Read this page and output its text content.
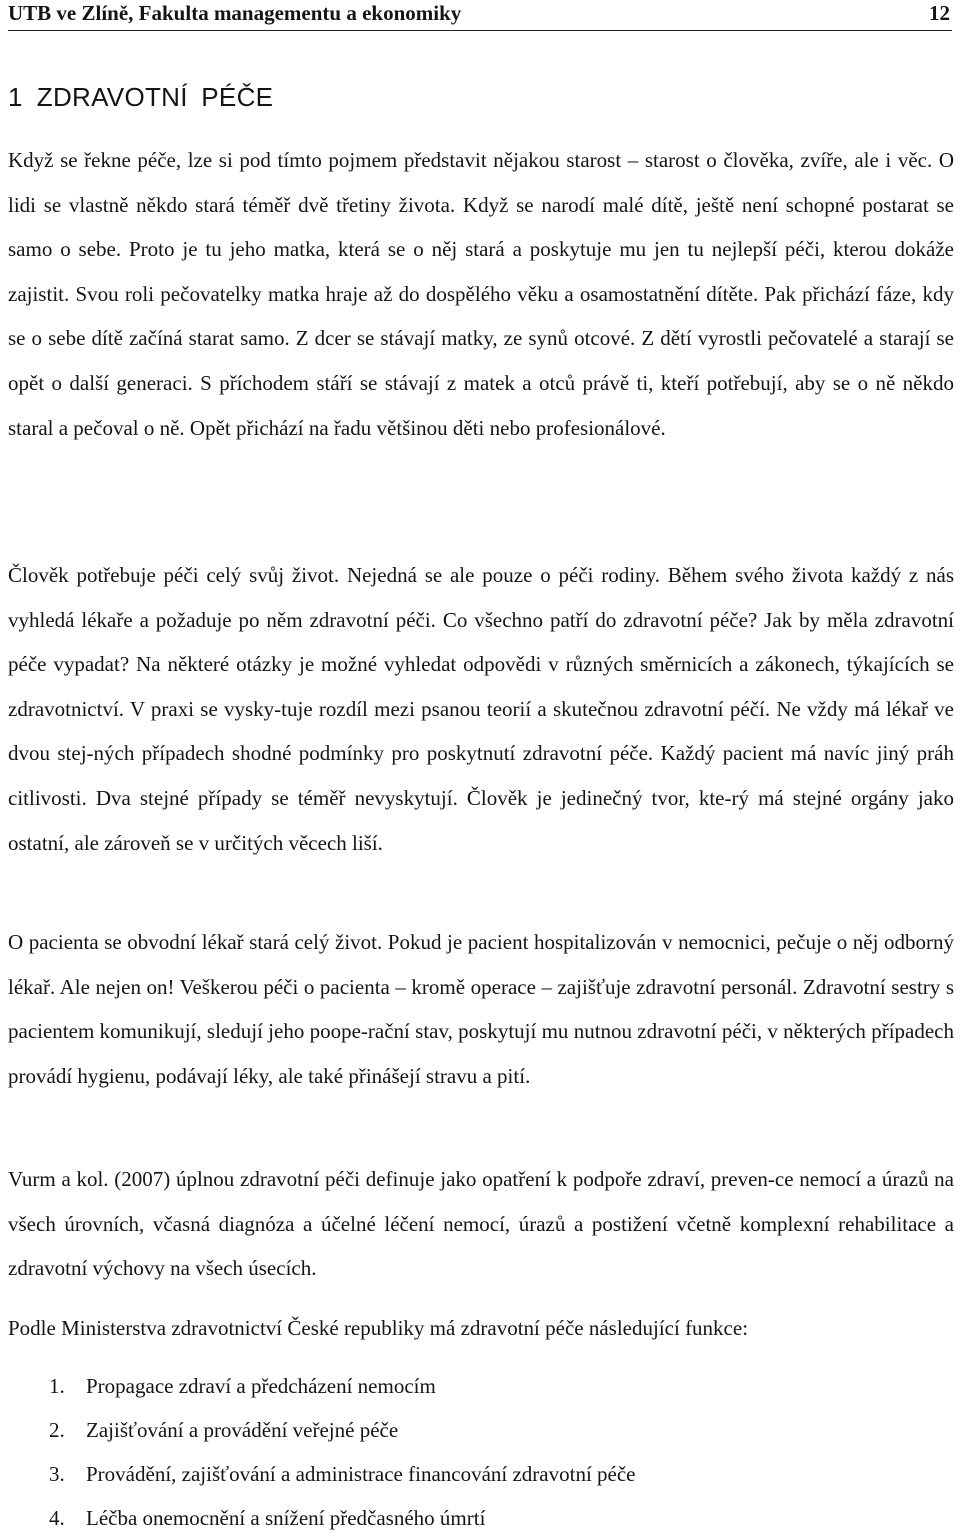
UTB ve Zlíně, Fakulta managementu a ekonomiky	12
1 ZDRAVOTNÍ PÉČE

Když se řekne péče, lze si pod tímto pojmem představit nějakou starost – starost o člověka, zvíře, ale i věc. O lidi se vlastně někdo stará téměř dvě třetiny života. Když se narodí malé dítě, ještě není schopné postarat se samo o sebe. Proto je tu jeho matka, která se o něj stará a poskytuje mu jen tu nejlepší péči, kterou dokáže zajistit. Svou roli pečovatelky matka hraje až do dospělého věku a osamostatnění dítěte. Pak přichází fáze, kdy se o sebe dítě začíná starat samo. Z dcer se stávají matky, ze synů otcové. Z dětí vyrostli pečovatelé a starají se opět o další generaci. S příchodem stáří se stávají z matek a otců právě ti, kteří potřebují, aby se o ně někdo staral a pečoval o ně. Opět přichází na řadu většinou děti nebo profesionálové.

Člověk potřebuje péči celý svůj život. Nejedná se ale pouze o péči rodiny. Během svého života každý z nás vyhledá lékaře a požaduje po něm zdravotní péči. Co všechno patří do zdravotní péče? Jak by měla zdravotní péče vypadat? Na některé otázky je možné vyhledat odpovědi v různých směrnicích a zákonech, týkajících se zdravotnictví. V praxi se vysky-tuje rozdíl mezi psanou teorií a skutečnou zdravotní péčí. Ne vždy má lékař ve dvou stej-ných případech shodné podmínky pro poskytnutí zdravotní péče. Každý pacient má navíc jiný práh citlivosti. Dva stejné případy se téměř nevyskytují. Člověk je jedinečný tvor, kte-rý má stejné orgány jako ostatní, ale zároveň se v určitých věcech liší.

O pacienta se obvodní lékař stará celý život. Pokud je pacient hospitalizován v nemocnici, pečuje o něj odborný lékař. Ale nejen on! Veškerou péči o pacienta – kromě operace – zajišťuje zdravotní personál. Zdravotní sestry s pacientem komunikují, sledují jeho poope-rační stav, poskytují mu nutnou zdravotní péči, v některých případech provádí hygienu, podávají léky, ale také přinášejí stravu a pití.

Vurm a kol. (2007) úplnou zdravotní péči definuje jako opatření k podpoře zdraví, preven-ce nemocí a úrazů na všech úrovních, včasná diagnóza a účelné léčení nemocí, úrazů a postižení včetně komplexní rehabilitace a zdravotní výchovy na všech úsecích.

Podle Ministerstva zdravotnictví České republiky má zdravotní péče následující funkce:

1.	Propagace zdraví a předcházení nemocím
2.	Zajišťování a provádění veřejné péče
3.	Provádění, zajišťování a administrace financování zdravotní péče
4.	Léčba onemocnění a snížení předčasného úmrtí
